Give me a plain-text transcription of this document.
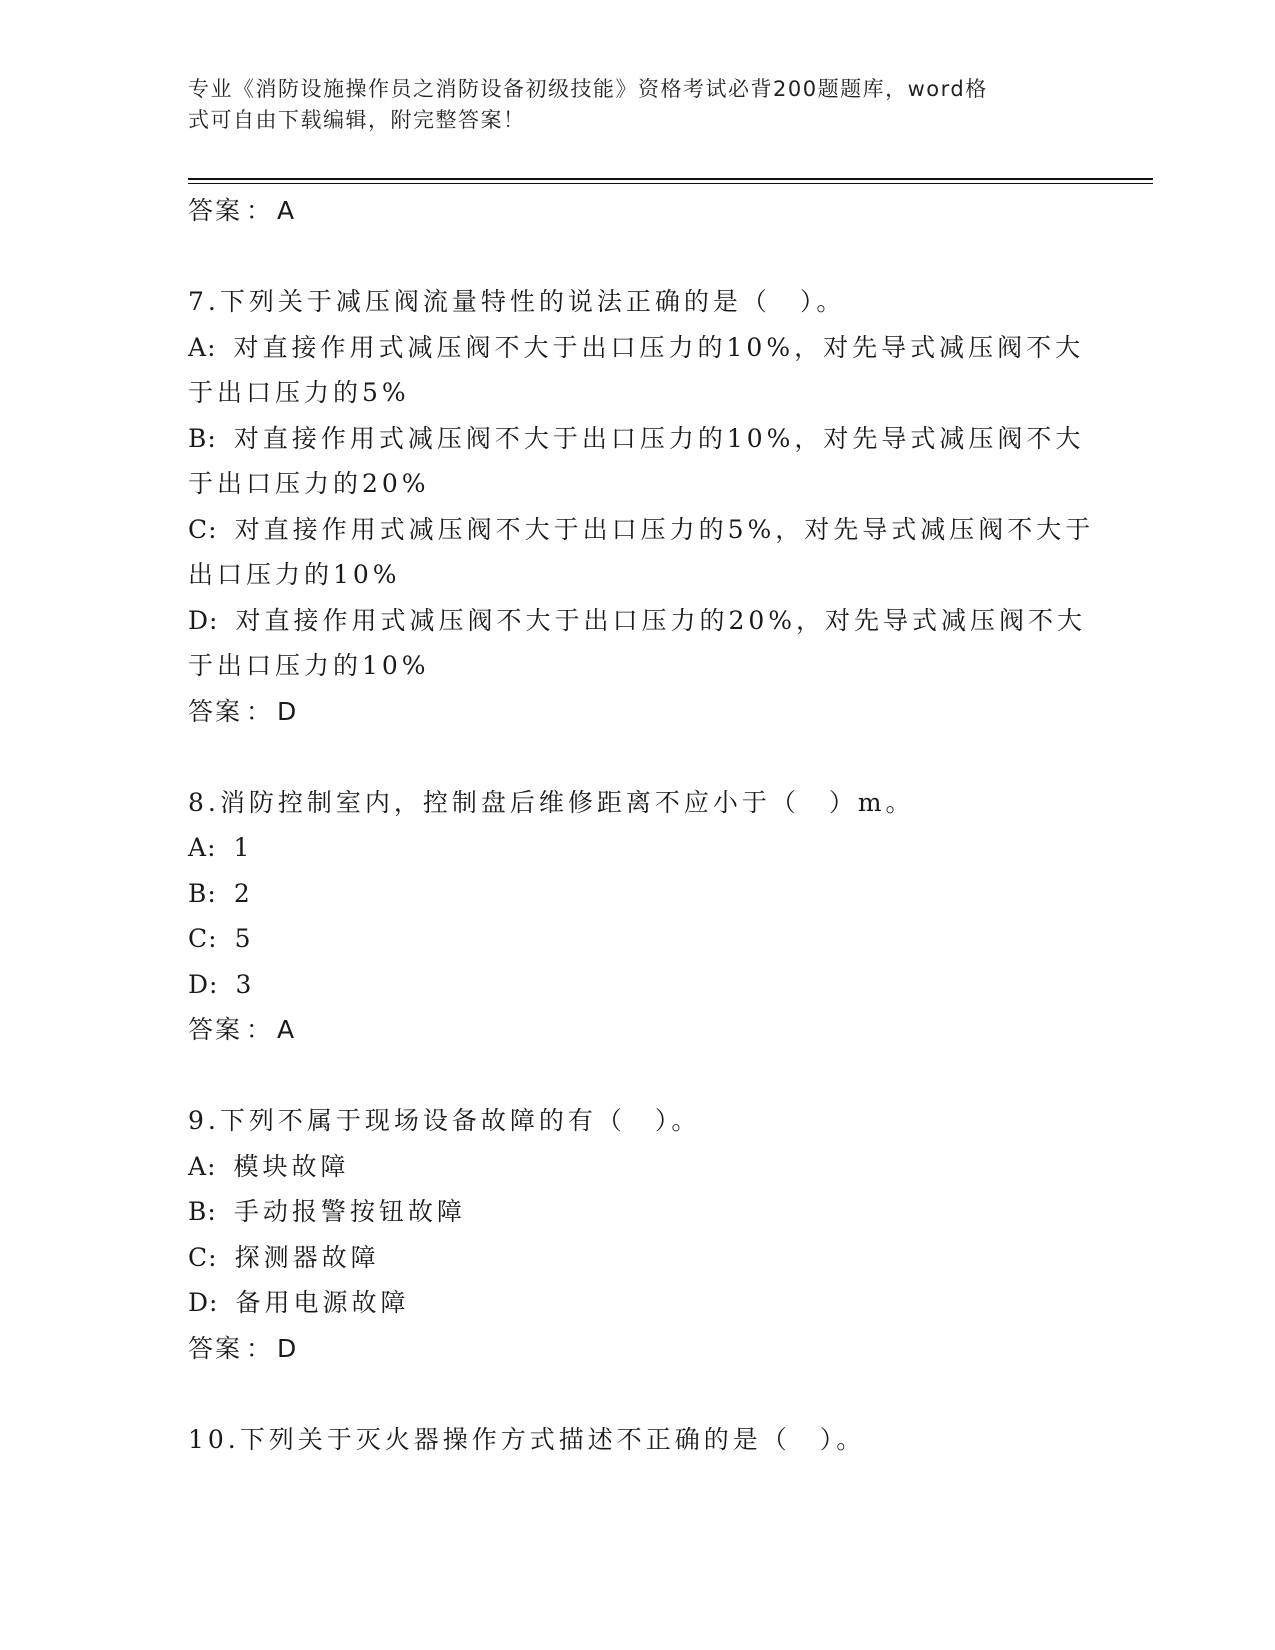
专业《消防设施操作员之消防设备初级技能》资格考试必背200题题库，word格
式可自由下载编辑，附完整答案！
答案 ： A
7.下列关于减压阀流量特性的说法正确的是（　）。
A: 对直接作用式减压阀不大于出口压力的10%，对先导式减压阀不大
于出口压力的5%
B: 对直接作用式减压阀不大于出口压力的10%，对先导式减压阀不大
于出口压力的20%
C: 对直接作用式减压阀不大于出口压力的5%，对先导式减压阀不大于
出口压力的10%
D: 对直接作用式减压阀不大于出口压力的20%，对先导式减压阀不大
于出口压力的10%
答案 ： D
8.消防控制室内，控制盘后维修距离不应小于（　）m。
A: 1
B: 2
C: 5
D: 3
答案 ： A
9.下列不属于现场设备故障的有（　）。
A: 模块故障
B: 手动报警按钮故障
C: 探测器故障
D: 备用电源故障
答案 ： D
10.下列关于灭火器操作方式描述不正确的是（　）。
